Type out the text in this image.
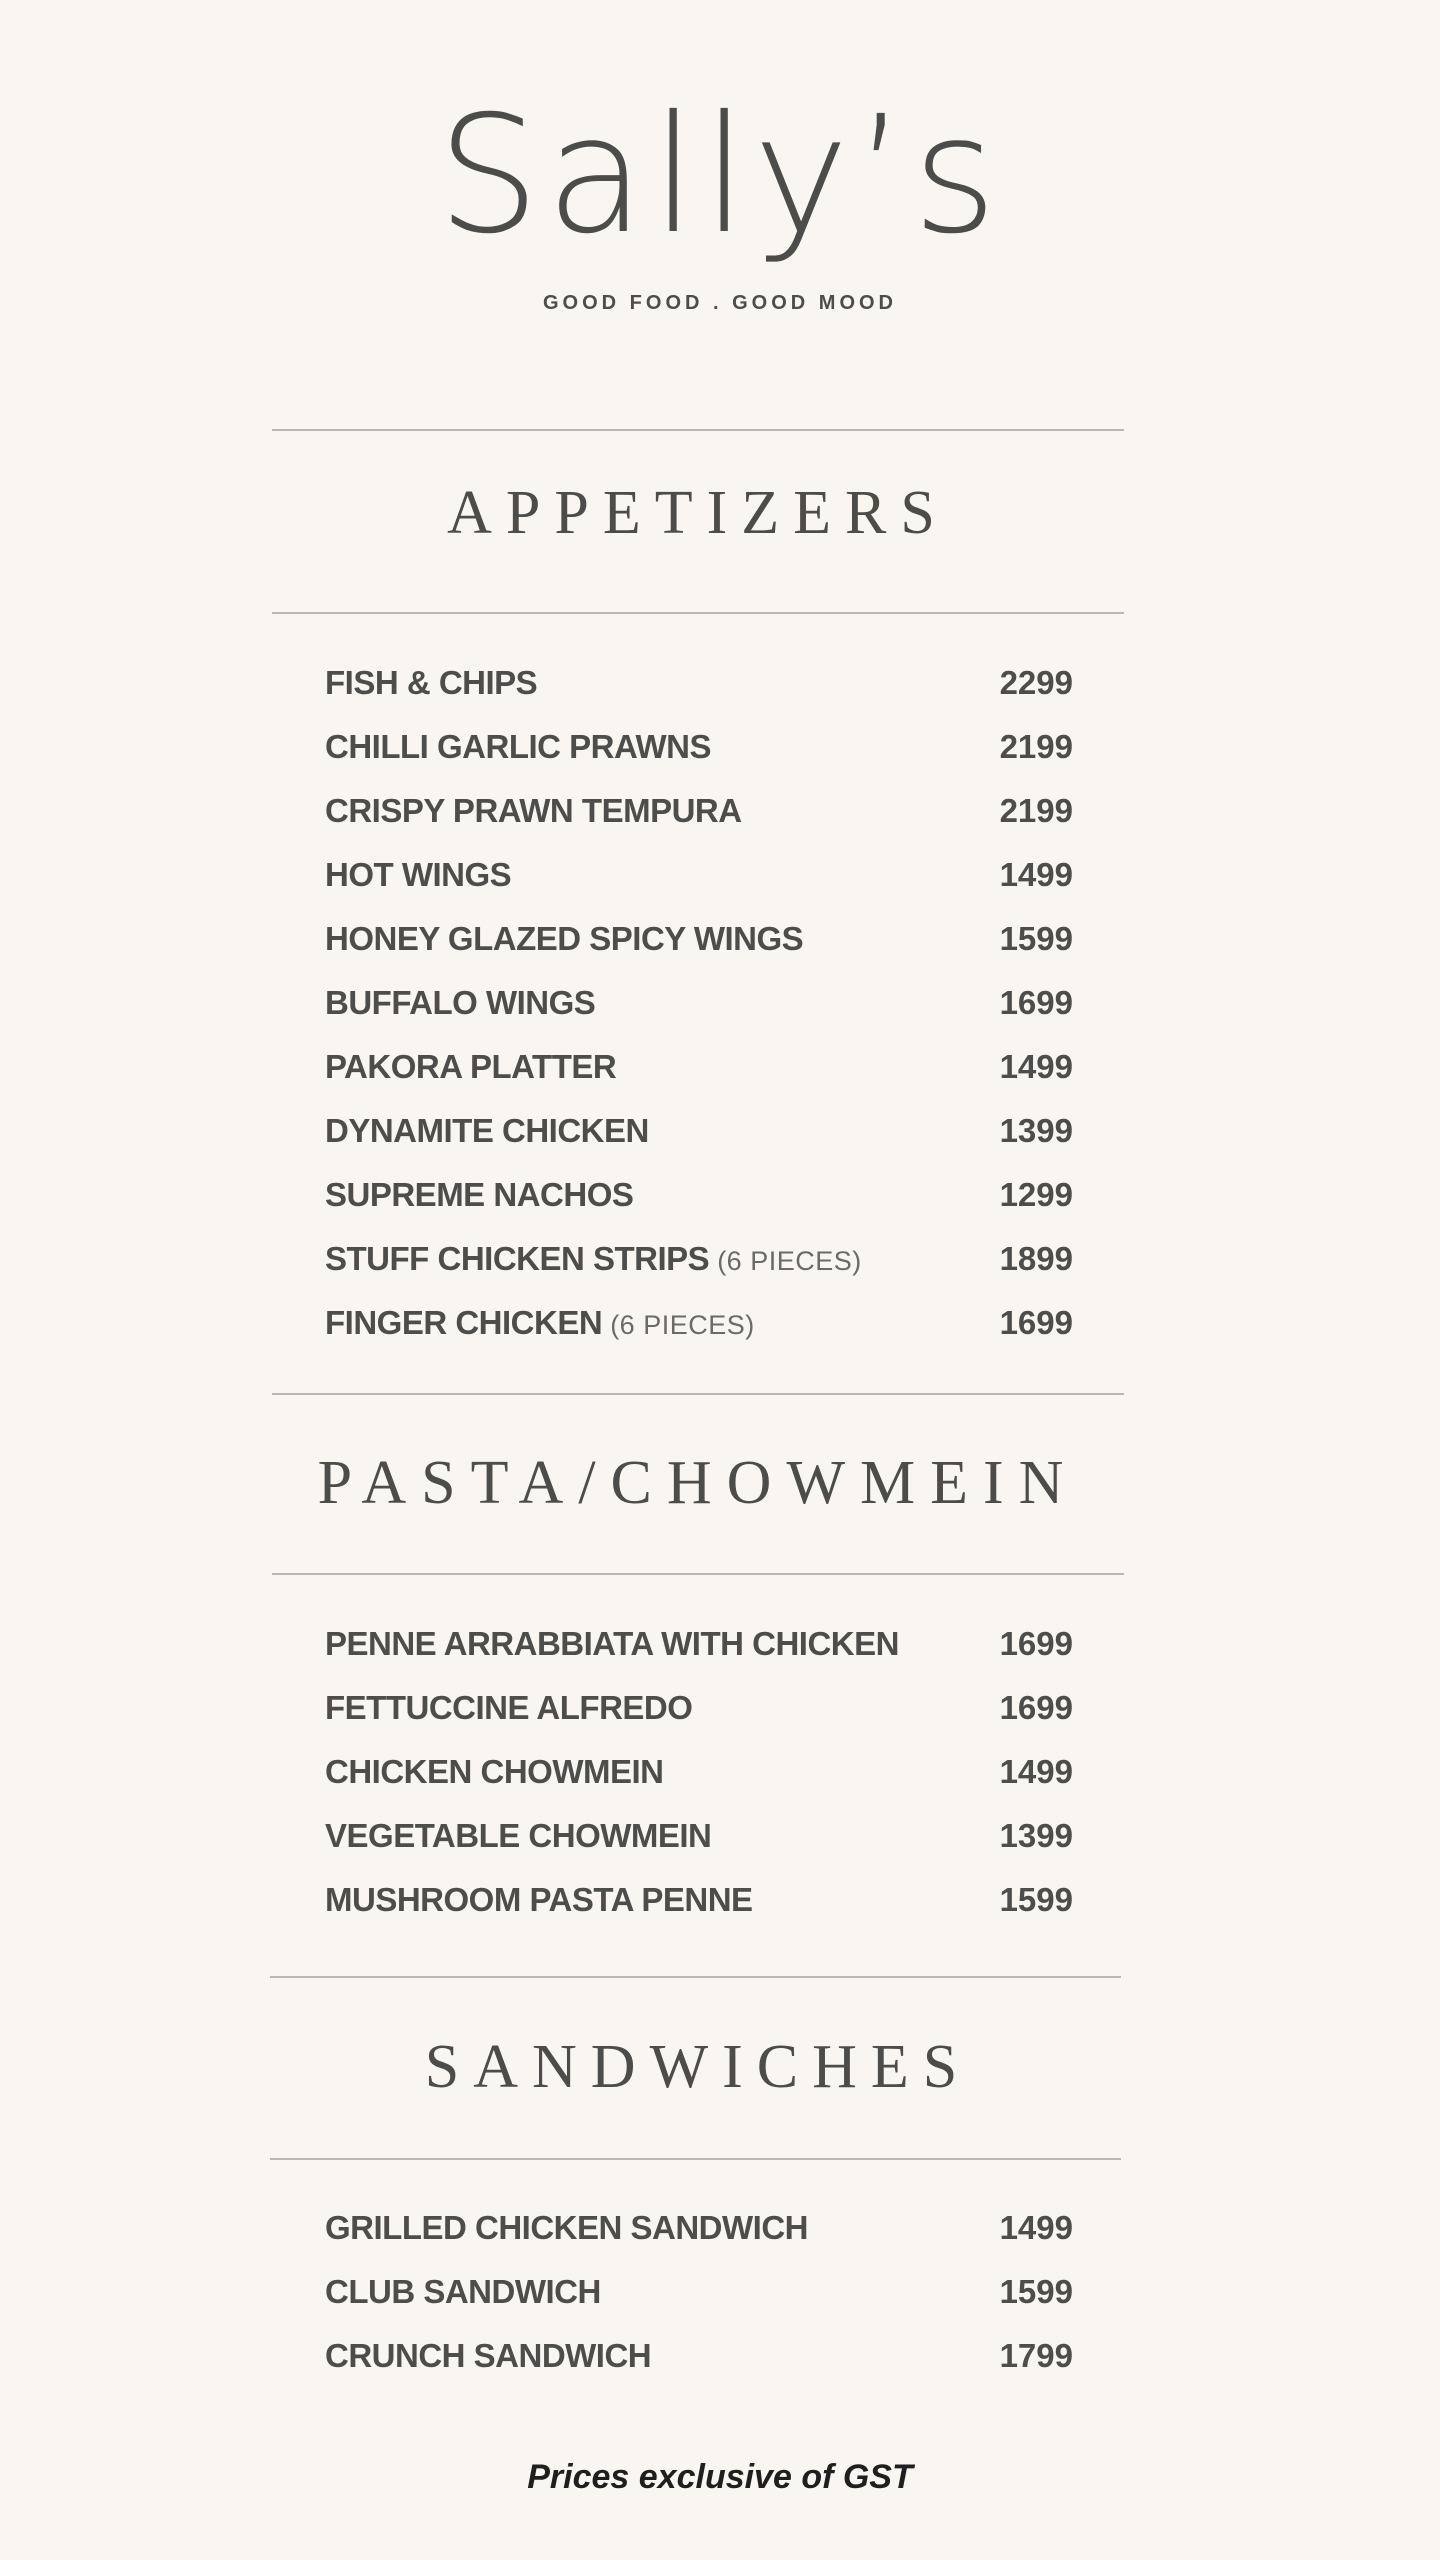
Sally’s
GOOD FOOD . GOOD MOOD
APPETIZERS
FISH & CHIPS	2299
CHILLI GARLIC PRAWNS	2199
CRISPY PRAWN TEMPURA	2199
HOT WINGS	1499
HONEY GLAZED SPICY WINGS	1599
BUFFALO WINGS	1699
PAKORA PLATTER	1499
DYNAMITE CHICKEN	1399
SUPREME NACHOS	1299
STUFF CHICKEN STRIPS (6 PIECES)	1899
FINGER CHICKEN (6 PIECES)	1699
PASTA/CHOWMEIN
PENNE ARRABBIATA WITH CHICKEN	1699
FETTUCCINE ALFREDO	1699
CHICKEN CHOWMEIN	1499
VEGETABLE CHOWMEIN	1399
MUSHROOM PASTA PENNE	1599
SANDWICHES
GRILLED CHICKEN SANDWICH	1499
CLUB SANDWICH	1599
CRUNCH SANDWICH	1799
Prices exclusive of GST
